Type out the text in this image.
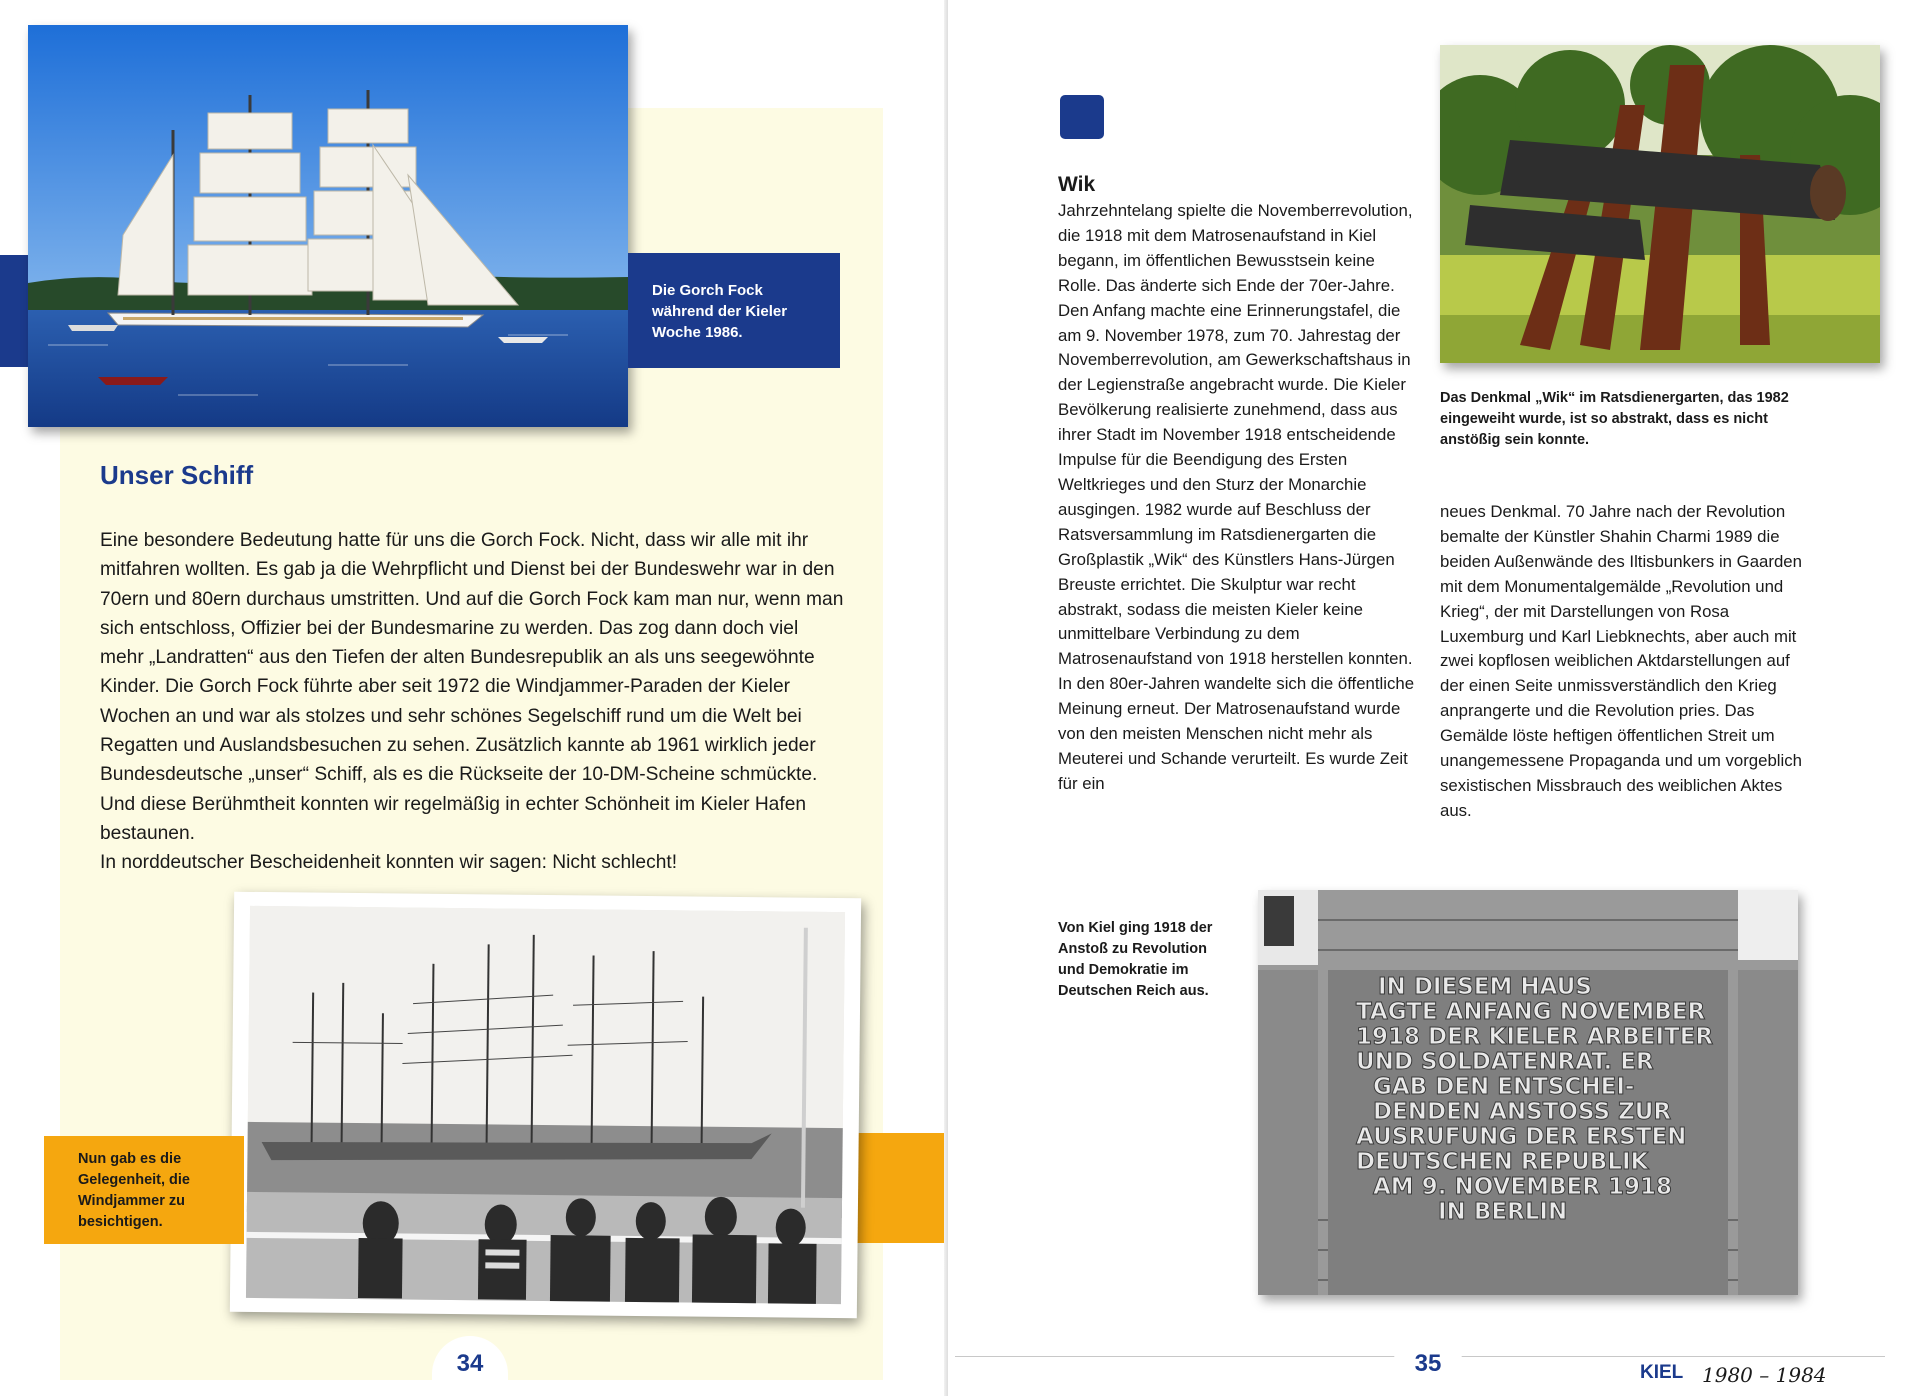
Die Gorch Fock während der Kieler Woche 1986.
Unser Schiff

Eine besondere Bedeutung hatte für uns die Gorch Fock. Nicht, dass wir alle mit ihr mitfahren wollten. Es gab ja die Wehrpflicht und Dienst bei der Bundeswehr war in den 70ern und 80ern durchaus umstritten. Und auf die Gorch Fock kam man nur, wenn man sich entschloss, Offizier bei der Bundesmarine zu werden. Das zog dann doch viel mehr „Landratten“ aus den Tiefen der alten Bundesrepublik an als uns seegewöhnte Kinder. Die Gorch Fock führte aber seit 1972 die Windjammer-Paraden der Kieler Wochen an und war als stolzes und sehr schönes Segelschiff rund um die Welt bei Regatten und Auslandsbesuchen zu sehen. Zusätzlich kannte ab 1961 wirklich jeder Bundesdeutsche „unser“ Schiff, als es die Rückseite der 10-DM-Scheine schmückte. Und diese Berühmtheit konnten wir regelmäßig in echter Schönheit im Kieler Hafen bestaunen.
In norddeutscher Bescheidenheit konnten wir sagen: Nicht schlecht!

Nun gab es die Gelegenheit, die Windjammer zu besichtigen.
34
Wik

Jahrzehntelang spielte die Novemberrevolution, die 1918 mit dem Matrosenaufstand in Kiel begann, im öffentlichen Bewusstsein keine Rolle. Das änderte sich Ende der 70er-Jahre. Den Anfang machte eine Erinnerungstafel, die am 9. November 1978, zum 70. Jahrestag der Novemberrevolution, am Gewerkschaftshaus in der Legienstraße angebracht wurde. Die Kieler Bevölkerung realisierte zunehmend, dass aus ihrer Stadt im November 1918 entscheidende Impulse für die Beendigung des Ersten Weltkrieges und den Sturz der Monarchie ausgingen. 1982 wurde auf Beschluss der Ratsversammlung im Ratsdienergarten die Großplastik „Wik“ des Künstlers Hans-Jürgen Breuste errichtet. Die Skulptur war recht abstrakt, sodass die meisten Kieler keine unmittelbare Verbindung zu dem Matrosenaufstand von 1918 herstellen konnten.
In den 80er-Jahren wandelte sich die öffentliche Meinung erneut. Der Matrosenaufstand wurde von den meisten Menschen nicht mehr als Meuterei und Schande verurteilt. Es wurde Zeit für ein

Das Denkmal „Wik“ im Ratsdienergarten, das 1982 eingeweiht wurde, ist so abstrakt, dass es nicht anstößig sein konnte.

neues Denkmal. 70 Jahre nach der Revolution bemalte der Künstler Shahin Charmi 1989 die beiden Außenwände des Iltisbunkers in Gaarden mit dem Monumentalgemälde „Revolution und Krieg“, der mit Darstellungen von Rosa Luxemburg und Karl Liebknechts, aber auch mit zwei kopflosen weiblichen Aktdarstellungen auf der einen Seite unmissverständlich den Krieg anprangerte und die Revolution pries. Das Gemälde löste heftigen öffentlichen Streit um unangemessene Propaganda und um vorgeblich sexistischen Missbrauch des weiblichen Aktes aus.

Von Kiel ging 1918 der Anstoß zu Revolution und Demokratie im Deutschen Reich aus.	IN DIESEM HAUS
TAGTE ANFANG NOVEMBER
1918 DER KIELER ARBEITER
UND SOLDATENRAT. ER
GAB DEN ENTSCHEI-
DENDEN ANSTOSS ZUR
AUSRUFUNG DER ERSTEN
DEUTSCHEN REPUBLIK
AM 9. NOVEMBER 1918
IN BERLIN
35	KIEL 1980 – 1984
